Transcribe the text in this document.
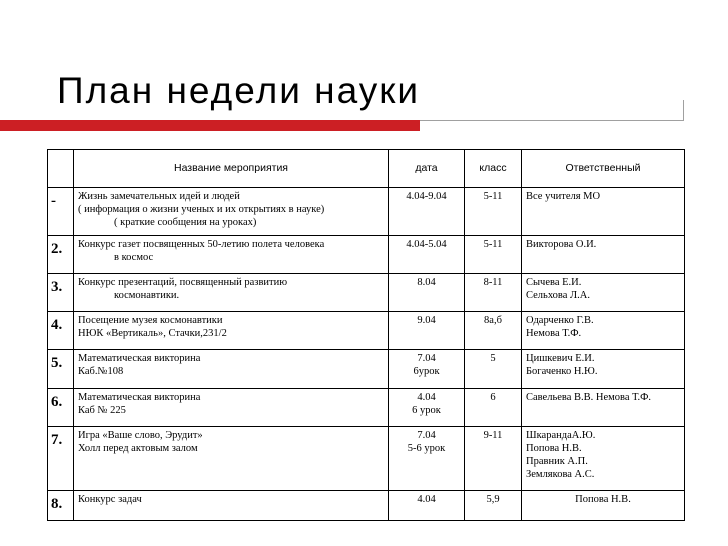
План недели науки
	Название мероприятия	дата	класс	Ответственный
-	Жизнь замечательных идей и людей
( информация о жизни ученых и их открытиях в науке)
( краткие сообщения на уроках)	4.04-9.04	5-11	Все учителя МО

2.	Конкурс газет посвященных 50-летию полета человека
в космос	4.04-5.04	5-11	Викторова О.И.

3.	Конкурс презентаций, посвященный развитию
космонавтики.	8.04	8-11	Сычева Е.И.
Сельхова Л.А.

4.	Посещение музея космонавтики
НЮК «Вертикаль», Стачки,231/2	9.04	8а,б	Одарченко Г.В.
Немова Т.Ф.

5.	Математическая викторина
Каб.№108	7.04
6урок	5	Цишкевич Е.И.
Богаченко Н.Ю.

6.	Математическая викторина
Каб № 225	4.04
6 урок	6	Савельева В.В. Немова Т.Ф.

7.	Игра «Ваше слово, Эрудит»
Холл перед актовым залом	7.04
5-6 урок	9-11	ШкарандаА.Ю.
Попова Н.В.
Правник А.П.
Землякова А.С.

8.	Конкурс задач	4.04	5,9	Попова Н.В.
